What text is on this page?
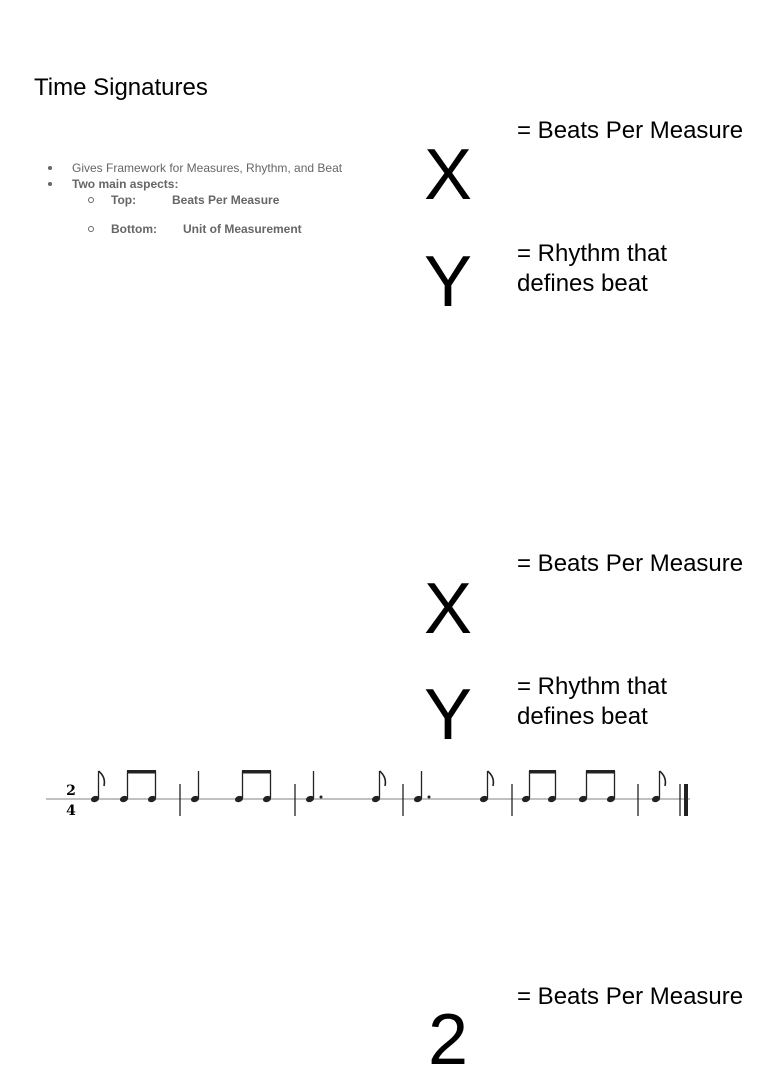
Time Signatures
Gives Framework for Measures, Rhythm, and Beat
Two main aspects:
Top:	Beats Per Measure
Bottom: Unit of Measurement
X
= Beats Per Measure
Y = Rhythm that defines beat
X
= Beats Per Measure
Y = Rhythm that defines beat
2
4
2
= Beats Per Measure
